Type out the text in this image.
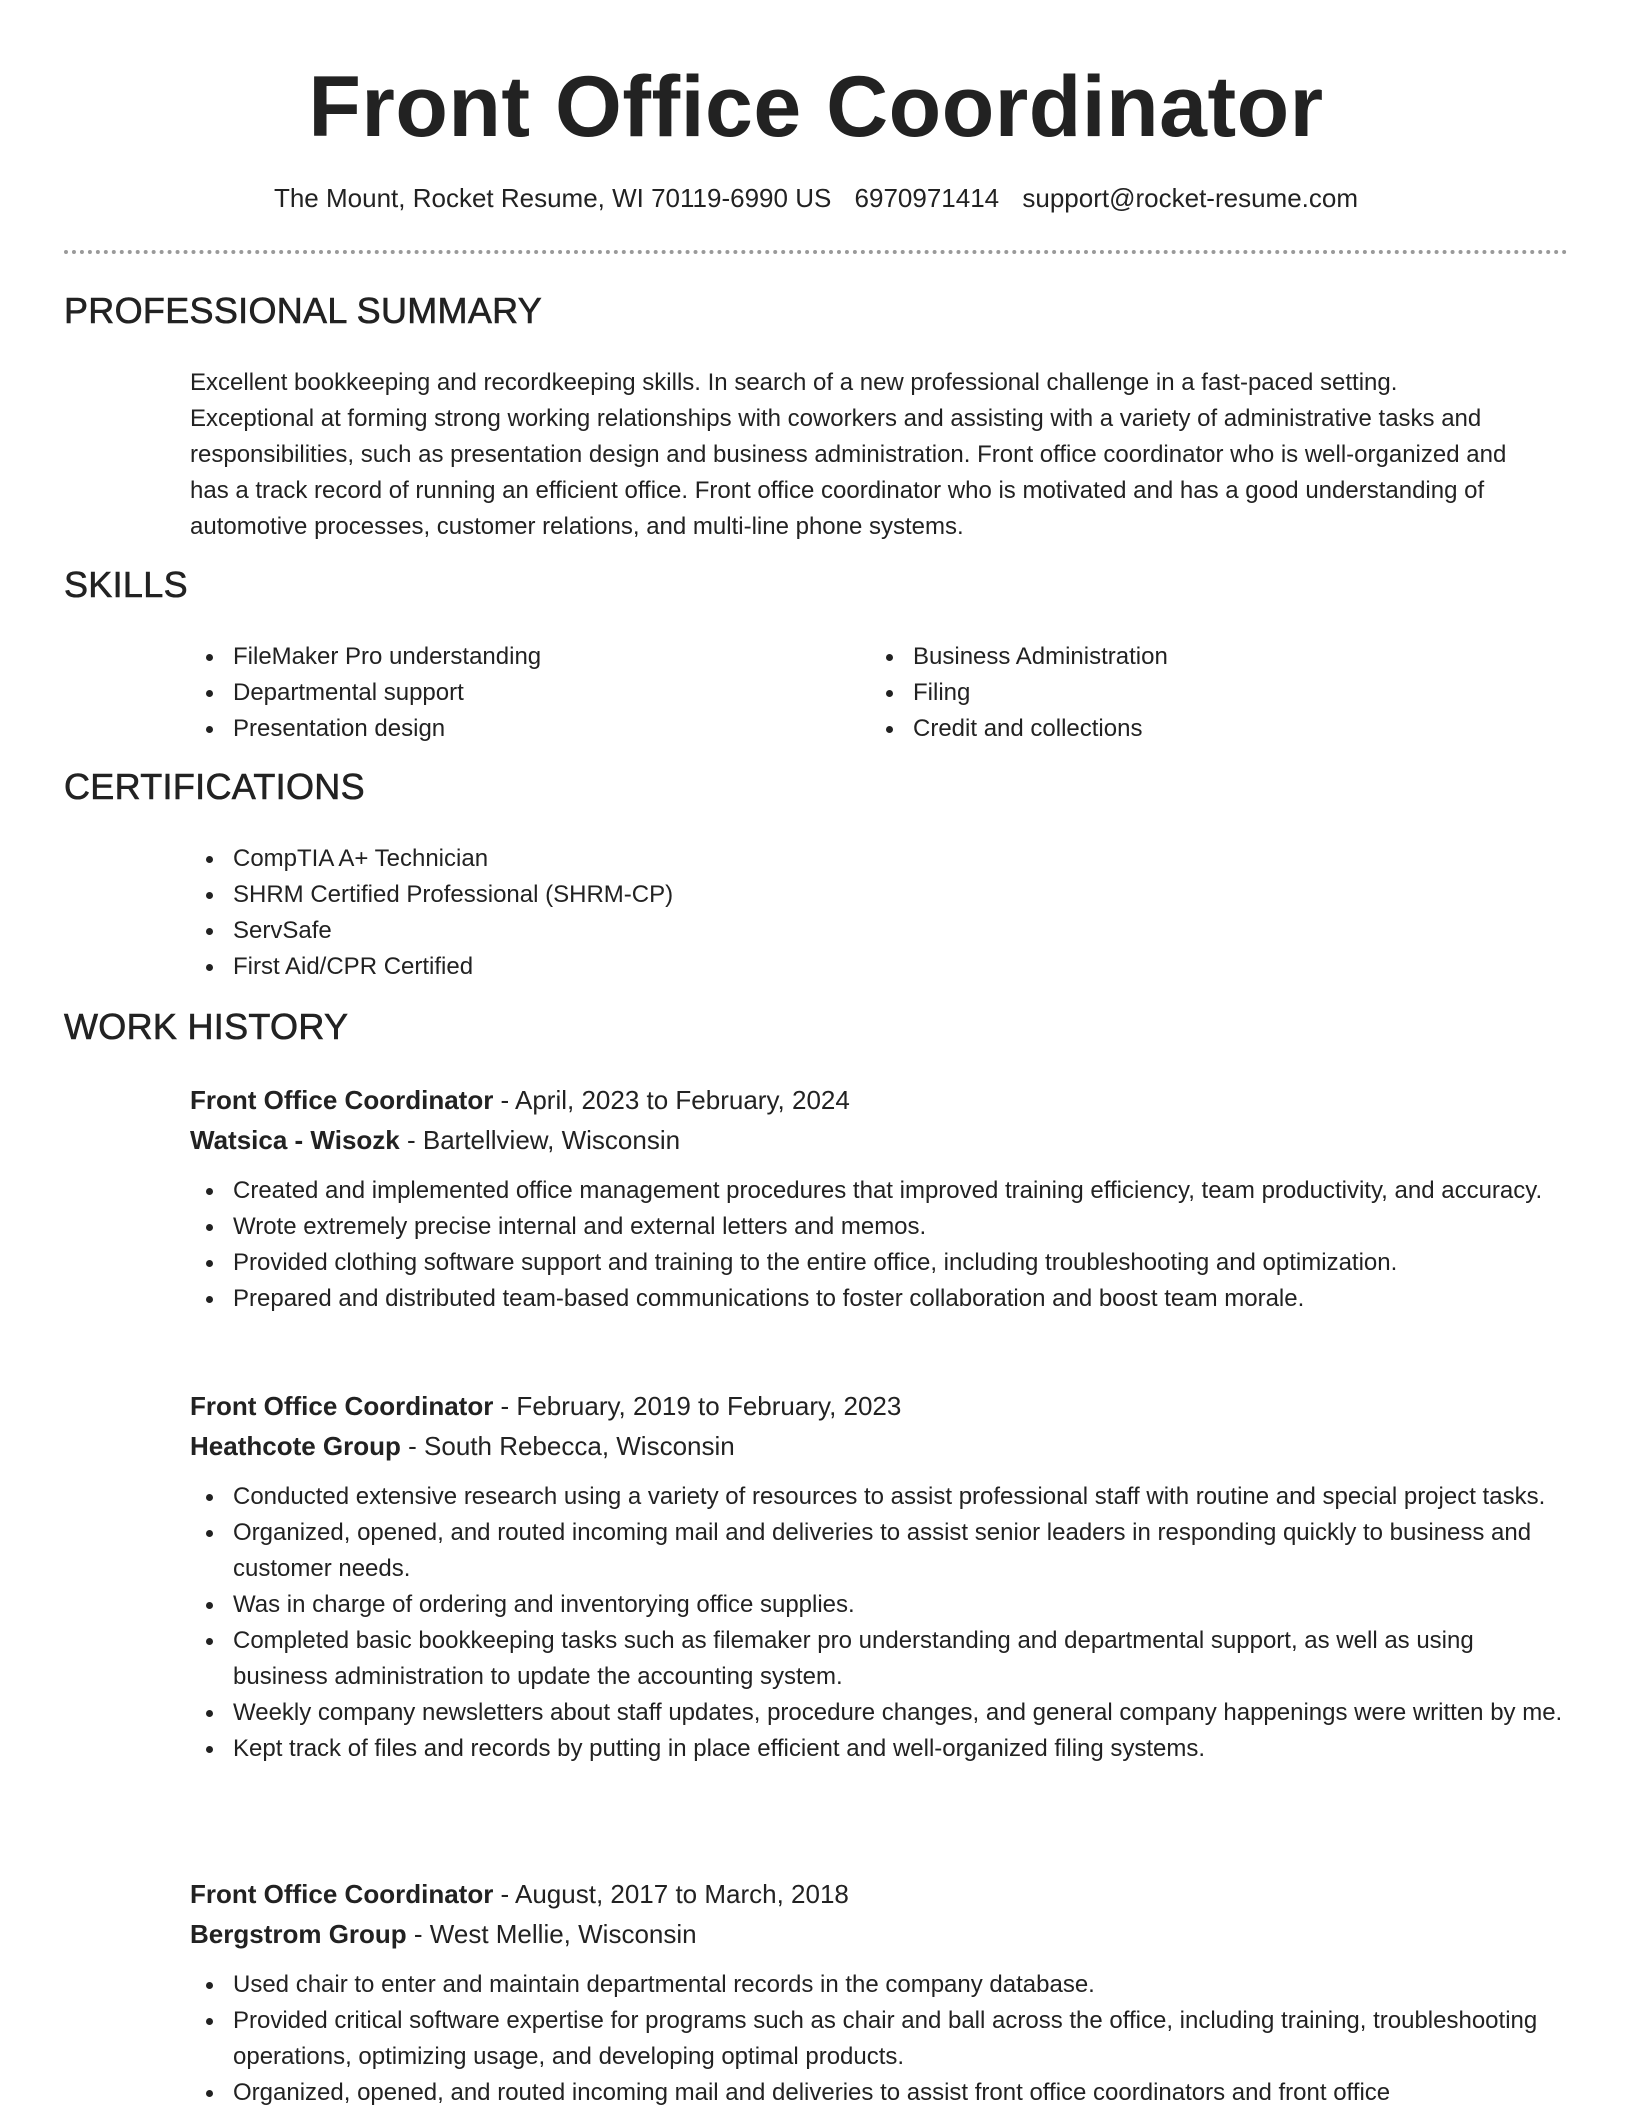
Front Office Coordinator
The Mount, Rocket Resume, WI 70119-6990 US 6970971414 support@rocket-resume.com
PROFESSIONAL SUMMARY
Excellent bookkeeping and recordkeeping skills. In search of a new professional challenge in a fast-paced setting.
Exceptional at forming strong working relationships with coworkers and assisting with a variety of administrative tasks and
responsibilities, such as presentation design and business administration. Front office coordinator who is well-organized and
has a track record of running an efficient office. Front office coordinator who is motivated and has a good understanding of
automotive processes, customer relations, and multi-line phone systems.
SKILLS
FileMaker Pro understanding
Departmental support
Presentation design
Business Administration
Filing
Credit and collections
CERTIFICATIONS
CompTIA A+ Technician
SHRM Certified Professional (SHRM-CP)
ServSafe
First Aid/CPR Certified
WORK HISTORY
Front Office Coordinator - April, 2023 to February, 2024
Watsica - Wisozk - Bartellview, Wisconsin
Created and implemented office management procedures that improved training efficiency, team productivity, and accuracy.
Wrote extremely precise internal and external letters and memos.
Provided clothing software support and training to the entire office, including troubleshooting and optimization.
Prepared and distributed team-based communications to foster collaboration and boost team morale.
Front Office Coordinator - February, 2019 to February, 2023
Heathcote Group - South Rebecca, Wisconsin
Conducted extensive research using a variety of resources to assist professional staff with routine and special project tasks.
Organized, opened, and routed incoming mail and deliveries to assist senior leaders in responding quickly to business and customer needs.
Was in charge of ordering and inventorying office supplies.
Completed basic bookkeeping tasks such as filemaker pro understanding and departmental support, as well as using business administration to update the accounting system.
Weekly company newsletters about staff updates, procedure changes, and general company happenings were written by me.
Kept track of files and records by putting in place efficient and well-organized filing systems.
Front Office Coordinator - August, 2017 to March, 2018
Bergstrom Group - West Mellie, Wisconsin
Used chair to enter and maintain departmental records in the company database.
Provided critical software expertise for programs such as chair and ball across the office, including training, troubleshooting operations, optimizing usage, and developing optimal products.
Organized, opened, and routed incoming mail and deliveries to assist front office coordinators and front office
